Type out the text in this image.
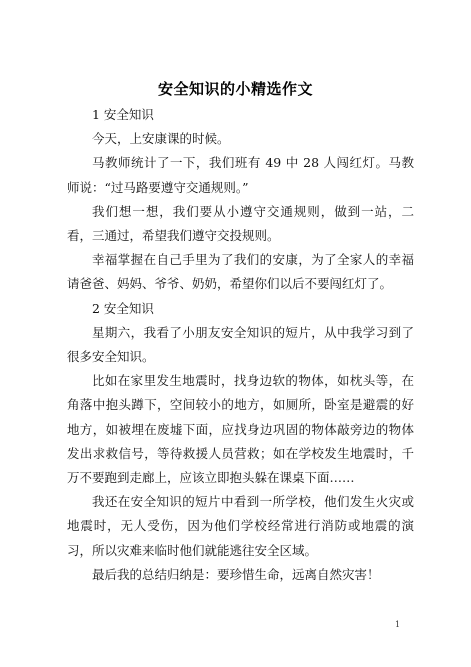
安全知识的小精选作文

1 安全知识

今天，上安康课的时候。

马教师统计了一下，我们班有 49 中 28 人闯红灯。马教师说：“过马路要遵守交通规则。”

我们想一想，我们要从小遵守交通规则，做到一站，二看，三通过，希望我们遵守交投规则。

幸福掌握在自己手里为了我们的安康，为了全家人的幸福请爸爸、妈妈、爷爷、奶奶，希望你们以后不要闯红灯了。

2 安全知识

星期六，我看了小朋友安全知识的短片，从中我学习到了很多安全知识。

比如在家里发生地震时，找身边软的物体，如枕头等，在角落中抱头蹲下，空间较小的地方，如厕所，卧室是避震的好地方，如被埋在废墟下面，应找身边巩固的物体敲旁边的物体发出求救信号，等待救援人员营救；如在学校发生地震时，千万不要跑到走廊上，应该立即抱头躲在课桌下面……

我还在安全知识的短片中看到一所学校，他们发生火灾或地震时，无人受伤，因为他们学校经常进行消防或地震的演习，所以灾难来临时他们就能逃往安全区域。

最后我的总结归纳是：要珍惜生命，远离自然灾害！

1
